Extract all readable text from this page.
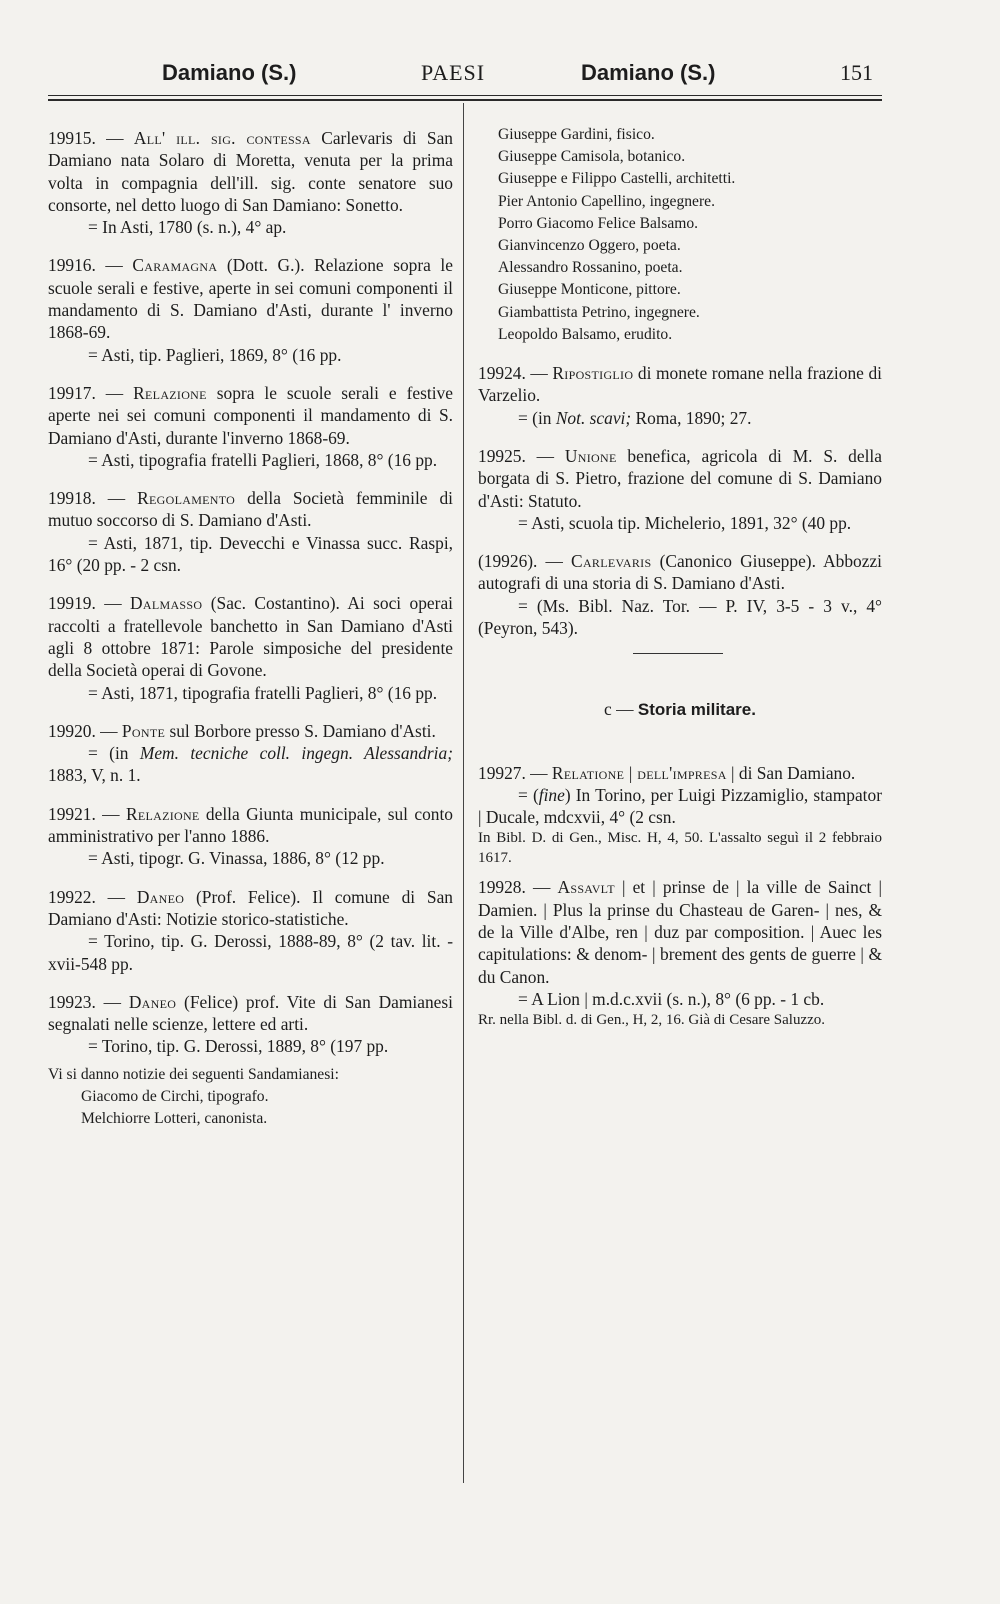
Damiano (S.)	PAESI	Damiano (S.)	151

19915. — All' ill. sig. contessa Carlevaris di San Damiano nata Solaro di Moretta, venuta per la prima volta in compagnia dell'ill. sig. conte senatore suo consorte, nel detto luogo di San Damiano: Sonetto.

= In Asti, 1780 (s. n.), 4° ap.

19916. — Caramagna (Dott. G.). Relazione sopra le scuole serali e festive, aperte in sei comuni componenti il mandamento di S. Damiano d'Asti, durante l' inverno 1868-69.

= Asti, tip. Paglieri, 1869, 8° (16 pp.

19917. — Relazione sopra le scuole serali e festive aperte nei sei comuni componenti il mandamento di S. Damiano d'Asti, durante l'inverno 1868-69.

= Asti, tipografia fratelli Paglieri, 1868, 8° (16 pp.

19918. — Regolamento della Società femminile di mutuo soccorso di S. Damiano d'Asti.

= Asti, 1871, tip. Devecchi e Vinassa succ. Raspi, 16° (20 pp. - 2 csn.

19919. — Dalmasso (Sac. Costantino). Ai soci operai raccolti a fratellevole banchetto in San Damiano d'Asti agli 8 ottobre 1871: Parole simposiche del presidente della Società operai di Govone.

= Asti, 1871, tipografia fratelli Paglieri, 8° (16 pp.

19920. — Ponte sul Borbore presso S. Damiano d'Asti.

= (in Mem. tecniche coll. ingegn. Alessandria; 1883, V, n. 1.

19921. — Relazione della Giunta municipale, sul conto amministrativo per l'anno 1886.

= Asti, tipogr. G. Vinassa, 1886, 8° (12 pp.

19922. — Daneo (Prof. Felice). Il comune di San Damiano d'Asti: Notizie storico-statistiche.

= Torino, tip. G. Derossi, 1888-89, 8° (2 tav. lit. - xvii-548 pp.

19923. — Daneo (Felice) prof. Vite di San Damianesi segnalati nelle scienze, lettere ed arti.

= Torino, tip. G. Derossi, 1889, 8° (197 pp.

Vi si danno notizie dei seguenti Sandamianesi:

Giacomo de Circhi, tipografo.
Melchiorre Lotteri, canonista.
Giuseppe Gardini, fisico.
Giuseppe Camisola, botanico.
Giuseppe e Filippo Castelli, architetti.
Pier Antonio Capellino, ingegnere.
Porro Giacomo Felice Balsamo.
Gianvincenzo Oggero, poeta.
Alessandro Rossanino, poeta.
Giuseppe Monticone, pittore.
Giambattista Petrino, ingegnere.
Leopoldo Balsamo, erudito.

19924. — Ripostiglio di monete romane nella frazione di Varzelio.

= (in Not. scavi; Roma, 1890; 27.

19925. — Unione benefica, agricola di M. S. della borgata di S. Pietro, frazione del comune di S. Damiano d'Asti: Statuto.

= Asti, scuola tip. Michelerio, 1891, 32° (40 pp.

(19926). — Carlevaris (Canonico Giuseppe). Abbozzi autografi di una storia di S. Damiano d'Asti.

= (Ms. Bibl. Naz. Tor. — P. IV, 3-5 - 3 v., 4° (Peyron, 543).

c — Storia militare.

19927. — Relatione | dell'impresa | di San Damiano.

= (fine) In Torino, per Luigi Pizzamiglio, stampator | Ducale, mdcxvii, 4° (2 csn.

In Bibl. D. di Gen., Misc. H, 4, 50. L'assalto seguì il 2 febbraio 1617.

19928. — Assavlt | et | prinse de | la ville de Sainct | Damien. | Plus la prinse du Chasteau de Garen- | nes, & de la Ville d'Albe, ren | duz par composition. | Auec les capitulations: & denom- | brement des gents de guerre | & du Canon.

= A Lion | m.d.c.xvii (s. n.), 8° (6 pp. - 1 cb.

Rr. nella Bibl. d. di Gen., H, 2, 16. Già di Cesare Saluzzo.
